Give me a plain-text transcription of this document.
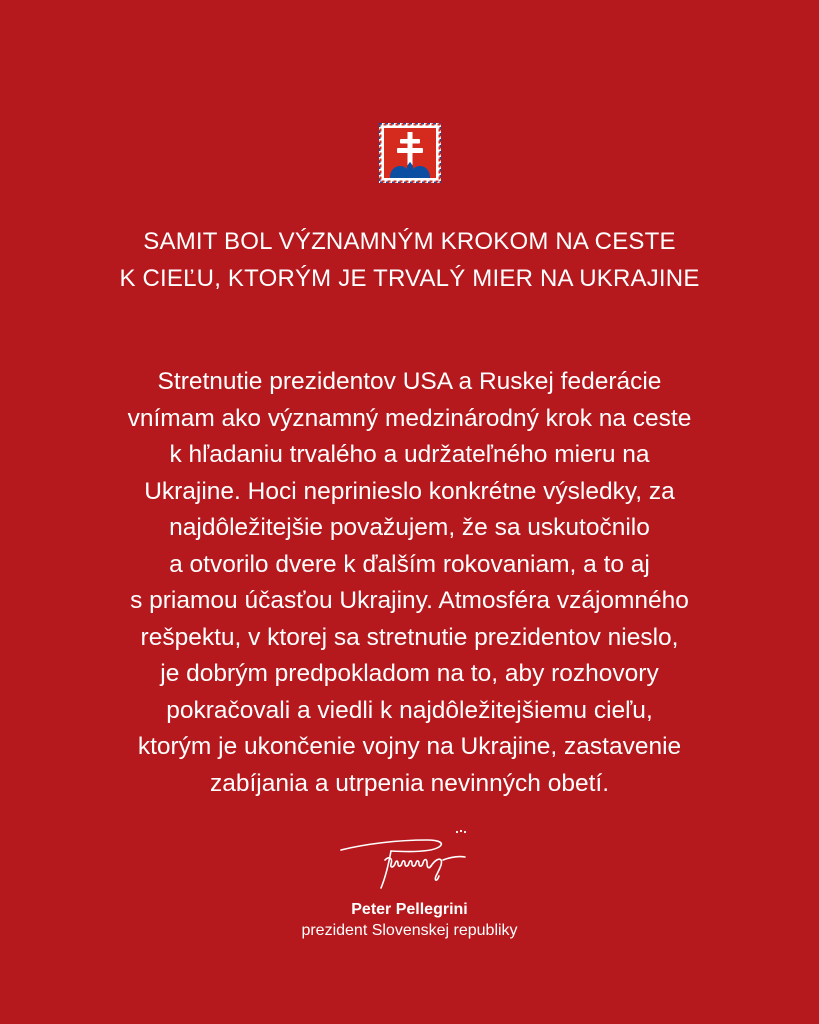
SAMIT BOL VÝZNAMNÝM KROKOM NA CESTE
K CIEĽU, KTORÝM JE TRVALÝ MIER NA UKRAJINE
Stretnutie prezidentov USA a Ruskej federácie
vnímam ako významný medzinárodný krok na ceste
k hľadaniu trvalého a udržateľného mieru na
Ukrajine. Hoci neprinieslo konkrétne výsledky, za
najdôležitejšie považujem, že sa uskutočnilo
a otvorilo dvere k ďalším rokovaniam, a to aj
s priamou účasťou Ukrajiny. Atmosféra vzájomného
rešpektu, v ktorej sa stretnutie prezidentov nieslo,
je dobrým predpokladom na to, aby rozhovory
pokračovali a viedli k najdôležitejšiemu cieľu,
ktorým je ukončenie vojny na Ukrajine, zastavenie
zabíjania a utrpenia nevinných obetí.
Peter Pellegrini
prezident Slovenskej republiky
